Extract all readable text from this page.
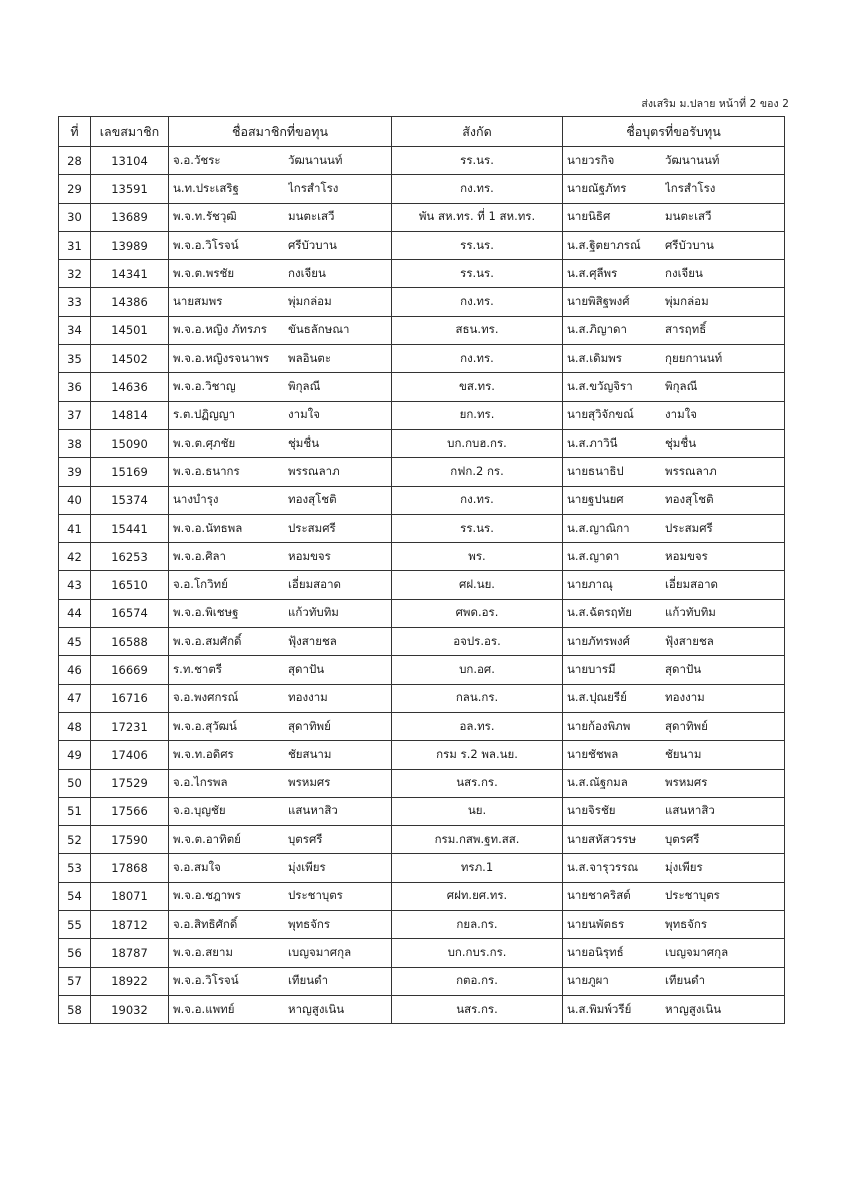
ส่งเสริม ม.ปลาย หน้าที่ 2 ของ 2
ที่	เลขสมาชิก	ชื่อสมาชิกที่ขอทุน	สังกัด	ชื่อบุตรที่ขอรับทุน
28	13104	จ.อ.วัชระ วัฒนานนท์	รร.นร.	นายวรกิจ วัฒนานนท์

29	13591	น.ท.ประเสริฐ ไกรสำโรง	กง.ทร.	นายณัฐภัทร ไกรสำโรง

30	13689	พ.จ.ท.รัชวุฒิ มนตะเสวี	พัน สห.ทร. ที่ 1 สห.ทร.	นายนิธิศ มนตะเสวี

31	13989	พ.จ.อ.วิโรจน์ ศรีบัวบาน	รร.นร.	น.ส.ฐิตยาภรณ์ ศรีบัวบาน

32	14341	พ.จ.ต.พรชัย กงเจียน	รร.นร.	น.ส.ศุลีพร กงเจียน

33	14386	นายสมพร พุ่มกล่อม	กง.ทร.	นายพิสิฐพงศ์ พุ่มกล่อม

34	14501	พ.จ.อ.หญิง ภัทรภร ขันธลักษณา	สธน.ทร.	น.ส.ภิญาดา สารฤทธิ์

35	14502	พ.จ.อ.หญิงรจนาพร พลอินตะ	กง.ทร.	น.ส.เดิมพร กุยยกานนท์

36	14636	พ.จ.อ.วิชาญ พิกุลณี	ขส.ทร.	น.ส.ขวัญจิรา พิกุลณี

37	14814	ร.ต.ปฏิญญา งามใจ	ยก.ทร.	นายสุวิจักขณ์ งามใจ

38	15090	พ.จ.ต.ศุภชัย ชุ่มชื่น	บก.กบฮ.กร.	น.ส.ภาวินี ชุ่มชื่น

39	15169	พ.จ.อ.ธนากร พรรณลาภ	กฟก.2 กร.	นายธนาธิป พรรณลาภ

40	15374	นางบำรุง ทองสุโชติ	กง.ทร.	นายฐปนยศ ทองสุโชติ

41	15441	พ.จ.อ.นัทธพล ประสมศรี	รร.นร.	น.ส.ญาณิกา ประสมศรี

42	16253	พ.จ.อ.ศิลา หอมขจร	พร.	น.ส.ญาดา หอมขจร

43	16510	จ.อ.โกวิทย์ เอี่ยมสอาด	ศฝ.นย.	นายภาณุ เอี่ยมสอาด

44	16574	พ.จ.อ.พิเชษฐ แก้วทับทิม	ศพด.อร.	น.ส.ฉัตรฤทัย แก้วทับทิม

45	16588	พ.จ.อ.สมศักดิ์ ฟุ้งสายชล	อจปร.อร.	นายภัทรพงศ์ ฟุ้งสายชล

46	16669	ร.ท.ชาตรี สุดาปัน	บก.อศ.	นายบารมี สุดาปัน

47	16716	จ.อ.พงศกรณ์ ทองงาม	กลน.กร.	น.ส.ปุณยรีย์ ทองงาม

48	17231	พ.จ.อ.สุวัฒน์ สุดาทิพย์	อล.ทร.	นายก้องพิภพ สุดาทิพย์

49	17406	พ.จ.ท.อดิศร ชัยสนาม	กรม ร.2 พล.นย.	นายชัชพล ชัยนาม

50	17529	จ.อ.ไกรพล พรหมศร	นสร.กร.	น.ส.ณัฐกมล พรหมศร

51	17566	จ.อ.บุญชัย แสนหาสิว	นย.	นายจิรชัย แสนหาสิว

52	17590	พ.จ.ต.อาทิตย์ บุตรศรี	กรม.กสพ.ฐท.สส.	นายสหัสวรรษ บุตรศรี

53	17868	จ.อ.สมใจ มุ่งเพียร	ทรภ.1	น.ส.จารุวรรณ มุ่งเพียร

54	18071	พ.จ.อ.ชฎาพร ประชาบุตร	ศฝท.ยศ.ทร.	นายชาคริสต์ ประชาบุตร

55	18712	จ.อ.สิทธิศักดิ์ พุทธจักร	กยล.กร.	นายนพัตธร พุทธจักร

56	18787	พ.จ.อ.สยาม เบญจมาศกุล	บก.กบร.กร.	นายอนิรุทธ์ เบญจมาศกุล

57	18922	พ.จ.อ.วิโรจน์ เทียนดำ	กตอ.กร.	นายภูผา เทียนดำ

58	19032	พ.จ.อ.แพทย์ หาญสูงเนิน	นสร.กร.	น.ส.พิมพ์วรีย์ หาญสูงเนิน
